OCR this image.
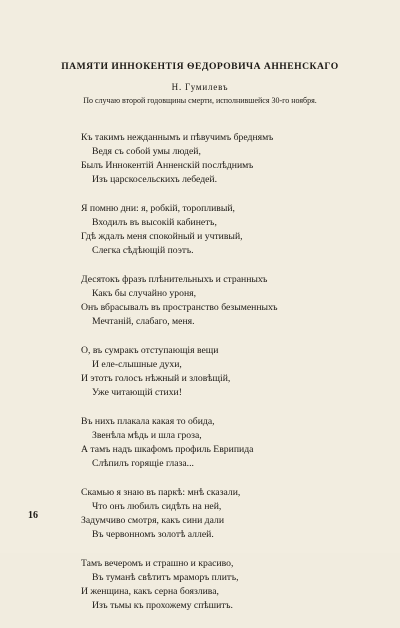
ПАМЯТИ ИННОКЕНТІЯ ѲЕДОРОВИЧА АННЕНСКАГО
Н. Гумилевъ
По случаю второй годовщины смерти, исполнившейся 30-го ноября.
Къ такимъ нежданнымъ и пѣвучимъ бреднямъ
Ведя съ собой умы людей,
Былъ Иннокентій Анненскій послѣднимъ
Изъ царскосельскихъ лебедей.
Я помню дни: я, робкій, торопливый,
Входилъ въ высокій кабинетъ,
Гдѣ ждалъ меня спокойный и учтивый,
Слегка сѣдѣющій поэтъ.
Десятокъ фразъ плѣнительныхъ и странныхъ
Какъ бы случайно уроня,
Онъ вбрасывалъ въ пространство безыменныхъ
Мечтаній, слабаго, меня.
О, въ сумракъ отступающія вещи
И еле-слышные духи,
И этотъ голосъ нѣжный и зловѣщій,
Уже читающій стихи!
Въ нихъ плакала какая то обида,
Звенѣла мѣдь и шла гроза,
А тамъ надъ шкафомъ профиль Еврипида
Слѣпилъ горящіе глаза...
Скамью я знаю въ паркѣ: мнѣ сказали,
Что онъ любилъ сидѣть на ней,
Задумчиво смотря, какъ сини дали
Въ червонномъ золотѣ аллей.
Тамъ вечеромъ и страшно и красиво,
Въ туманѣ свѣтитъ мраморъ плитъ,
И женщина, какъ серна боязлива,
Изъ тьмы къ прохожему спѣшитъ.
16
